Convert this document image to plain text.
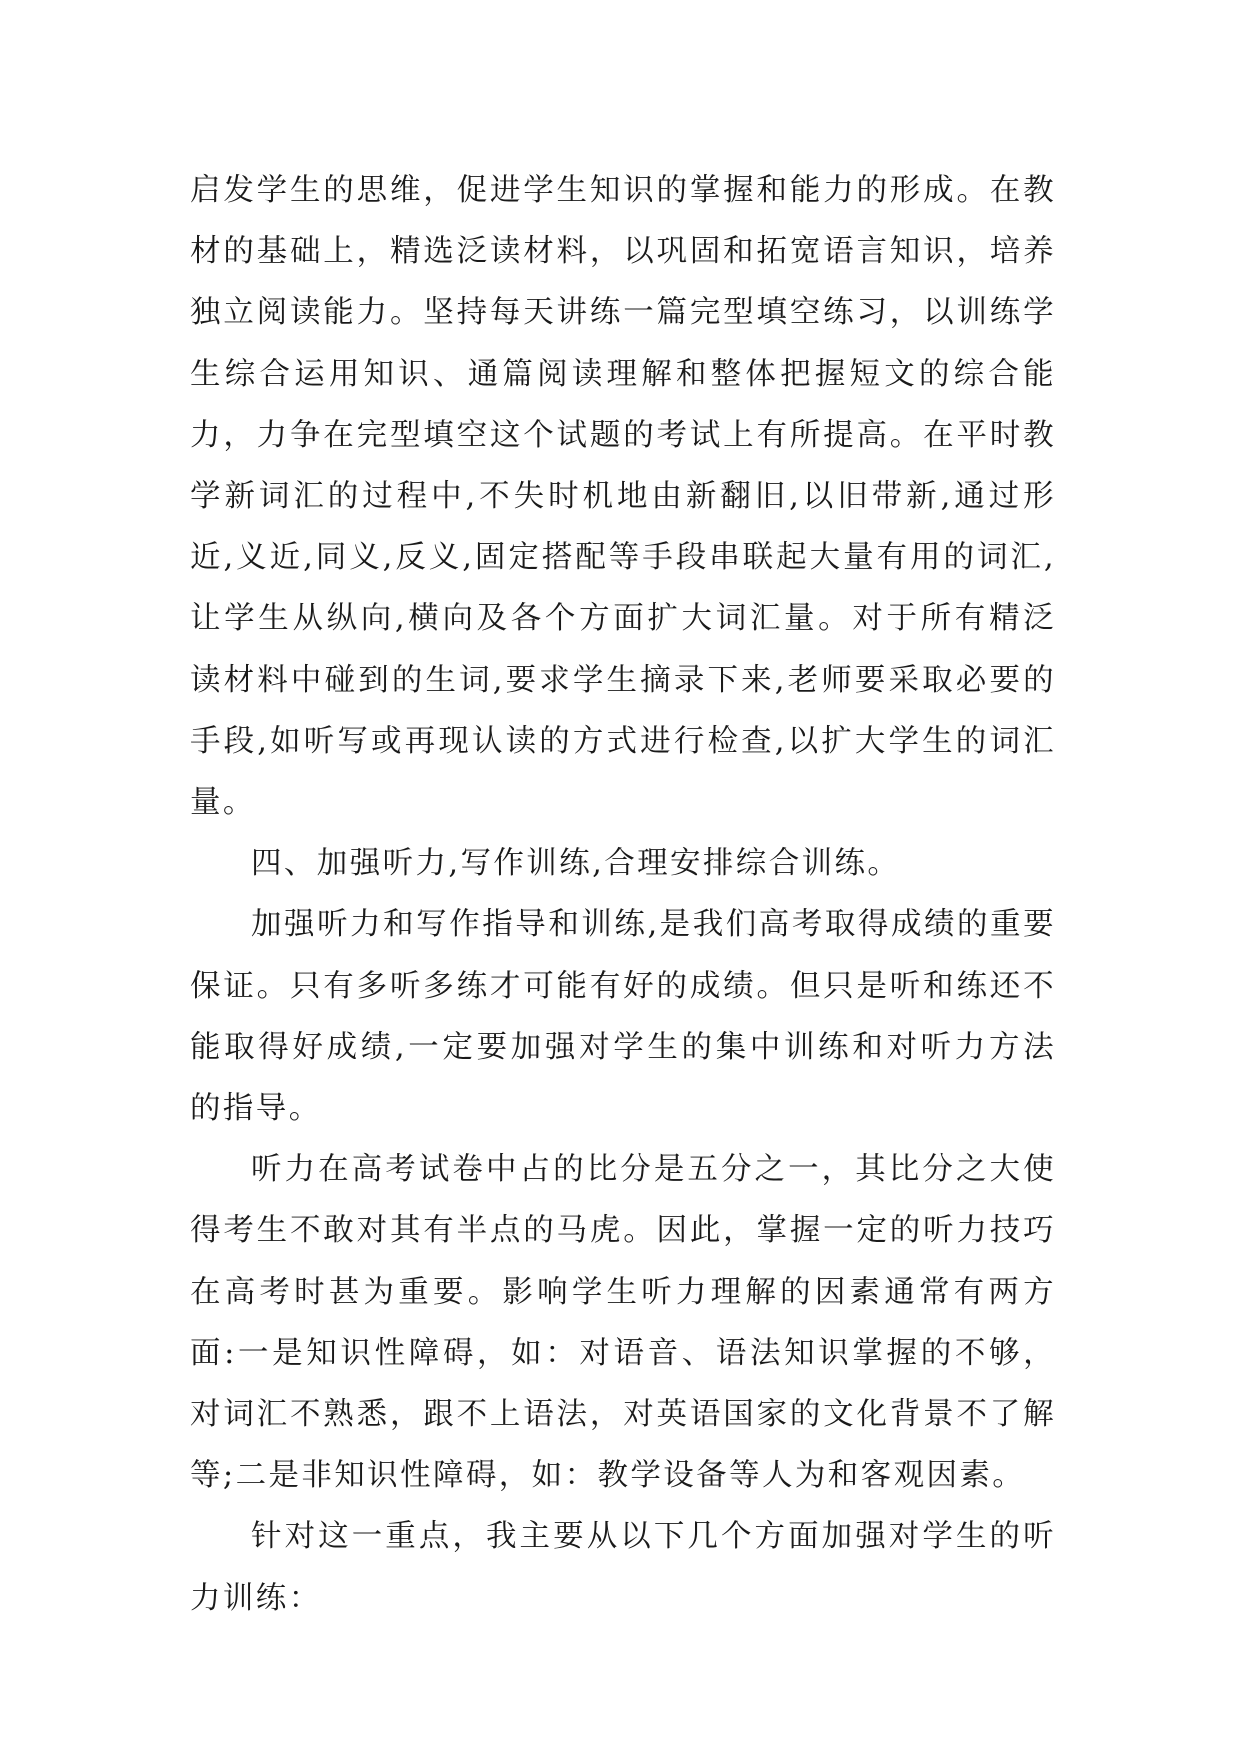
启发学生的思维，促进学生知识的掌握和能力的形成。在教材的基础上，精选泛读材料，以巩固和拓宽语言知识，培养独立阅读能力。坚持每天讲练一篇完型填空练习，以训练学生综合运用知识、通篇阅读理解和整体把握短文的综合能力，力争在完型填空这个试题的考试上有所提高。在平时教学新词汇的过程中,不失时机地由新翻旧,以旧带新,通过形近,义近,同义,反义,固定搭配等手段串联起大量有用的词汇,让学生从纵向,横向及各个方面扩大词汇量。对于所有精泛读材料中碰到的生词,要求学生摘录下来,老师要采取必要的手段,如听写或再现认读的方式进行检查,以扩大学生的词汇量。

四、加强听力,写作训练,合理安排综合训练。

加强听力和写作指导和训练,是我们高考取得成绩的重要保证。只有多听多练才可能有好的成绩。但只是听和练还不能取得好成绩,一定要加强对学生的集中训练和对听力方法的指导。

听力在高考试卷中占的比分是五分之一，其比分之大使得考生不敢对其有半点的马虎。因此，掌握一定的听力技巧在高考时甚为重要。影响学生听力理解的因素通常有两方面:一是知识性障碍，如：对语音、语法知识掌握的不够，对词汇不熟悉，跟不上语法，对英语国家的文化背景不了解等;二是非知识性障碍，如：教学设备等人为和客观因素。

针对这一重点，我主要从以下几个方面加强对学生的听力训练：
